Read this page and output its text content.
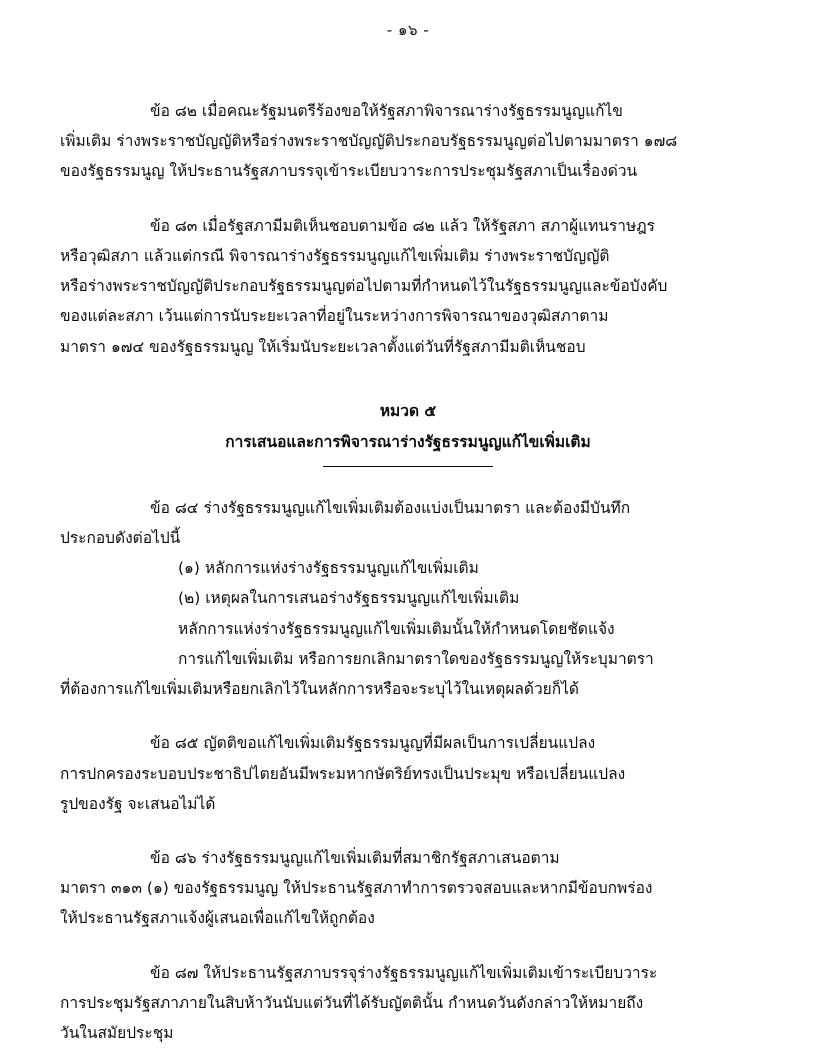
- ๑๖ -

ข้อ ๘๒ เมื่อคณะรัฐมนตรีร้องขอให้รัฐสภาพิจารณาร่างรัฐธรรมนูญแก้ไข
เพิ่มเติม ร่างพระราชบัญญัติหรือร่างพระราชบัญญัติประกอบรัฐธรรมนูญต่อไปตามมาตรา ๑๗๘
ของรัฐธรรมนูญ ให้ประธานรัฐสภาบรรจุเข้าระเบียบวาระการประชุมรัฐสภาเป็นเรื่องด่วน

ข้อ ๘๓ เมื่อรัฐสภามีมติเห็นชอบตามข้อ ๘๒ แล้ว ให้รัฐสภา สภาผู้แทนราษฎร
หรือวุฒิสภา แล้วแต่กรณี พิจารณาร่างรัฐธรรมนูญแก้ไขเพิ่มเติม ร่างพระราชบัญญัติ
หรือร่างพระราชบัญญัติประกอบรัฐธรรมนูญต่อไปตามที่กำหนดไว้ในรัฐธรรมนูญและข้อบังคับ
ของแต่ละสภา เว้นแต่การนับระยะเวลาที่อยู่ในระหว่างการพิจารณาของวุฒิสภาตาม
มาตรา ๑๗๔ ของรัฐธรรมนูญ ให้เริ่มนับระยะเวลาตั้งแต่วันที่รัฐสภามีมติเห็นชอบ

หมวด ๕
การเสนอและการพิจารณาร่างรัฐธรรมนูญแก้ไขเพิ่มเติม

ข้อ ๘๔ ร่างรัฐธรรมนูญแก้ไขเพิ่มเติมต้องแบ่งเป็นมาตรา และต้องมีบันทึก
ประกอบดังต่อไปนี้
(๑) หลักการแห่งร่างรัฐธรรมนูญแก้ไขเพิ่มเติม
(๒) เหตุผลในการเสนอร่างรัฐธรรมนูญแก้ไขเพิ่มเติม
หลักการแห่งร่างรัฐธรรมนูญแก้ไขเพิ่มเติมนั้นให้กำหนดโดยชัดแจ้ง
การแก้ไขเพิ่มเติม หรือการยกเลิกมาตราใดของรัฐธรรมนูญให้ระบุมาตรา
ที่ต้องการแก้ไขเพิ่มเติมหรือยกเลิกไว้ในหลักการหรือจะระบุไว้ในเหตุผลด้วยก็ได้

ข้อ ๘๕ ญัตติขอแก้ไขเพิ่มเติมรัฐธรรมนูญที่มีผลเป็นการเปลี่ยนแปลง
การปกครองระบอบประชาธิปไตยอันมีพระมหากษัตริย์ทรงเป็นประมุข หรือเปลี่ยนแปลง
รูปของรัฐ จะเสนอไม่ได้

ข้อ ๘๖ ร่างรัฐธรรมนูญแก้ไขเพิ่มเติมที่สมาชิกรัฐสภาเสนอตาม
มาตรา ๓๑๓ (๑) ของรัฐธรรมนูญ ให้ประธานรัฐสภาทำการตรวจสอบและหากมีข้อบกพร่อง
ให้ประธานรัฐสภาแจ้งผู้เสนอเพื่อแก้ไขให้ถูกต้อง

ข้อ ๘๗ ให้ประธานรัฐสภาบรรจุร่างรัฐธรรมนูญแก้ไขเพิ่มเติมเข้าระเบียบวาระ
การประชุมรัฐสภาภายในสิบห้าวันนับแต่วันที่ได้รับญัตตินั้น กำหนดวันดังกล่าวให้หมายถึง
วันในสมัยประชุม
